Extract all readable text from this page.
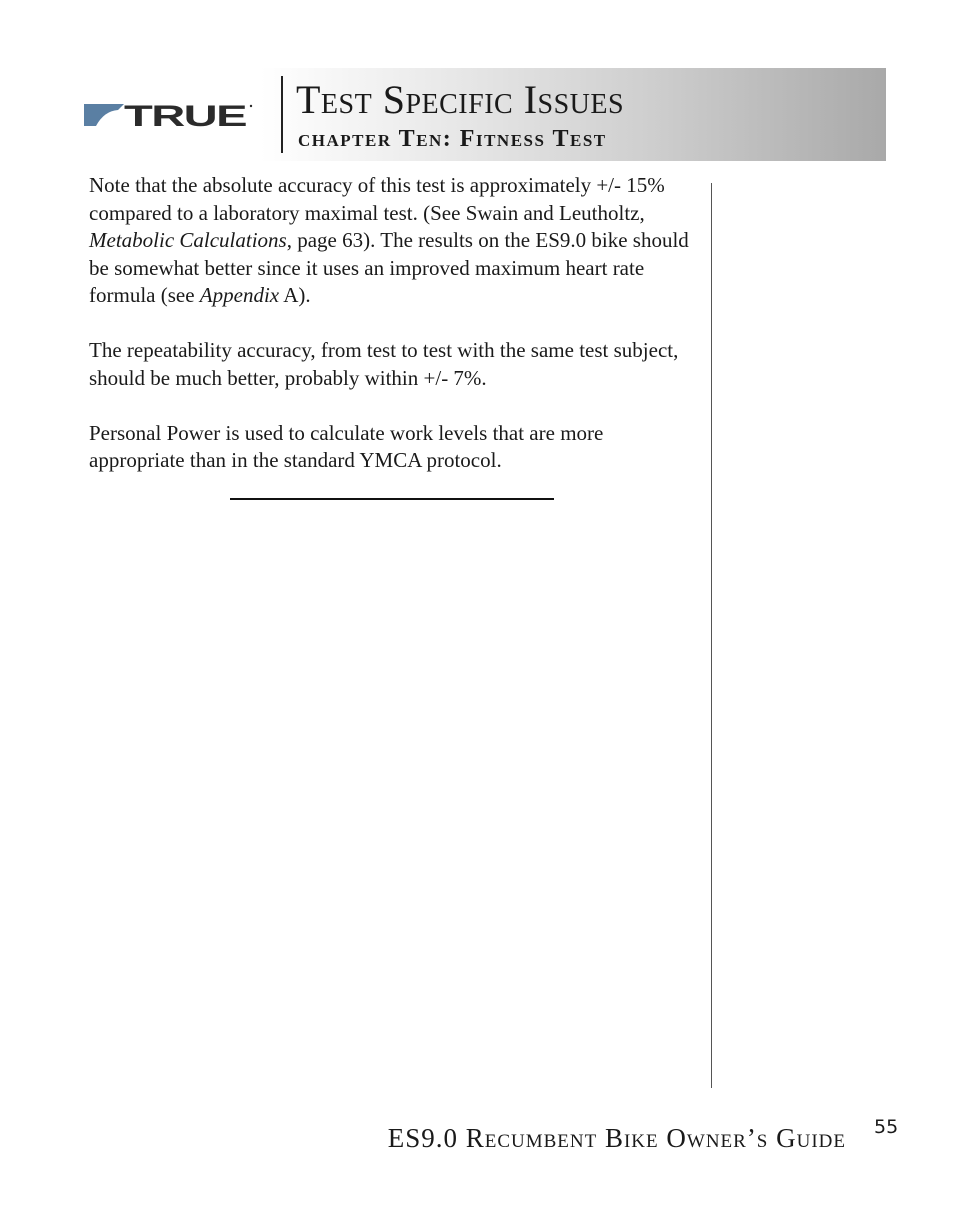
TRUE Test Specific Issues
chapter Ten: Fitness Test

Note that the absolute accuracy of this test is approximately +/- 15% compared to a laboratory maximal test. (See Swain and Leutholtz, Metabolic Calculations, page 63). The results on the ES9.0 bike should be somewhat better since it uses an improved maximum heart rate formula (see Appendix A).

The repeatability accuracy, from test to test with the same test subject, should be much better, probably within +/- 7%.

Personal Power is used to calculate work levels that are more appropriate than in the standard YMCA protocol.

ES9.0 Recumbent Bike Owner’s Guide 55
